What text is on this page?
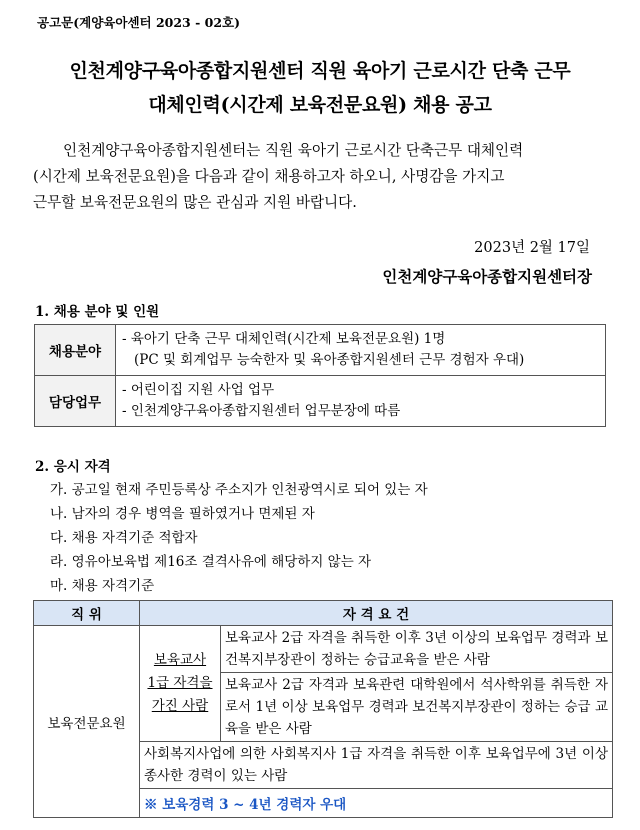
공고문(계양육아센터 2023 - 02호)
인천계양구육아종합지원센터 직원 육아기 근로시간 단축 근무
대체인력(시간제 보육전문요원) 채용 공고

인천계양구육아종합지원센터는 직원 육아기 근로시간 단축근무 대체인력

(시간제 보육전문요원)을 다음과 같이 채용하고자 하오니, 사명감을 가지고

근무할 보육전문요원의 많은 관심과 지원 바랍니다.

2023년 2월 17일
인천계양구육아종합지원센터장
1. 채용 분야 및 인원
채용분야	- 육아기 단축 근무 대체인력(시간제 보육전문요원) 1명
(PC 및 회계업무 능숙한자 및 육아종합지원센터 근무 경험자 우대)

담당업무	- 어린이집 지원 사업 업무
- 인천계양구육아종합지원센터 업무분장에 따름
2. 응시 자격
가. 공고일 현재 주민등록상 주소지가 인천광역시로 되어 있는 자
나. 남자의 경우 병역을 필하였거나 면제된 자
다. 채용 자격기준 적합자
라. 영유아보육법 제16조 결격사유에 해당하지 않는 자
마. 채용 자격기준
직 위	자 격 요 건	
보육전문요원	보육교사
1급 자격을
가진 사람	보육교사 2급 자격을 취득한 이후 3년 이상의 보육업무 경력과 보건복지부장관이 정하는 승급교육을 받은 사람
		보육교사 2급 자격과 보육관련 대학원에서 석사학위를 취득한 자로서 1년 이상 보육업무 경력과 보건복지부장관이 정하는 승급 교육을 받은 사람
	사회복지사업에 의한 사회복지사 1급 자격을 취득한 이후 보육업무에 3년 이상 종사한 경력이 있는 사람	
	※ 보육경력 3 ~ 4년 경력자 우대	
